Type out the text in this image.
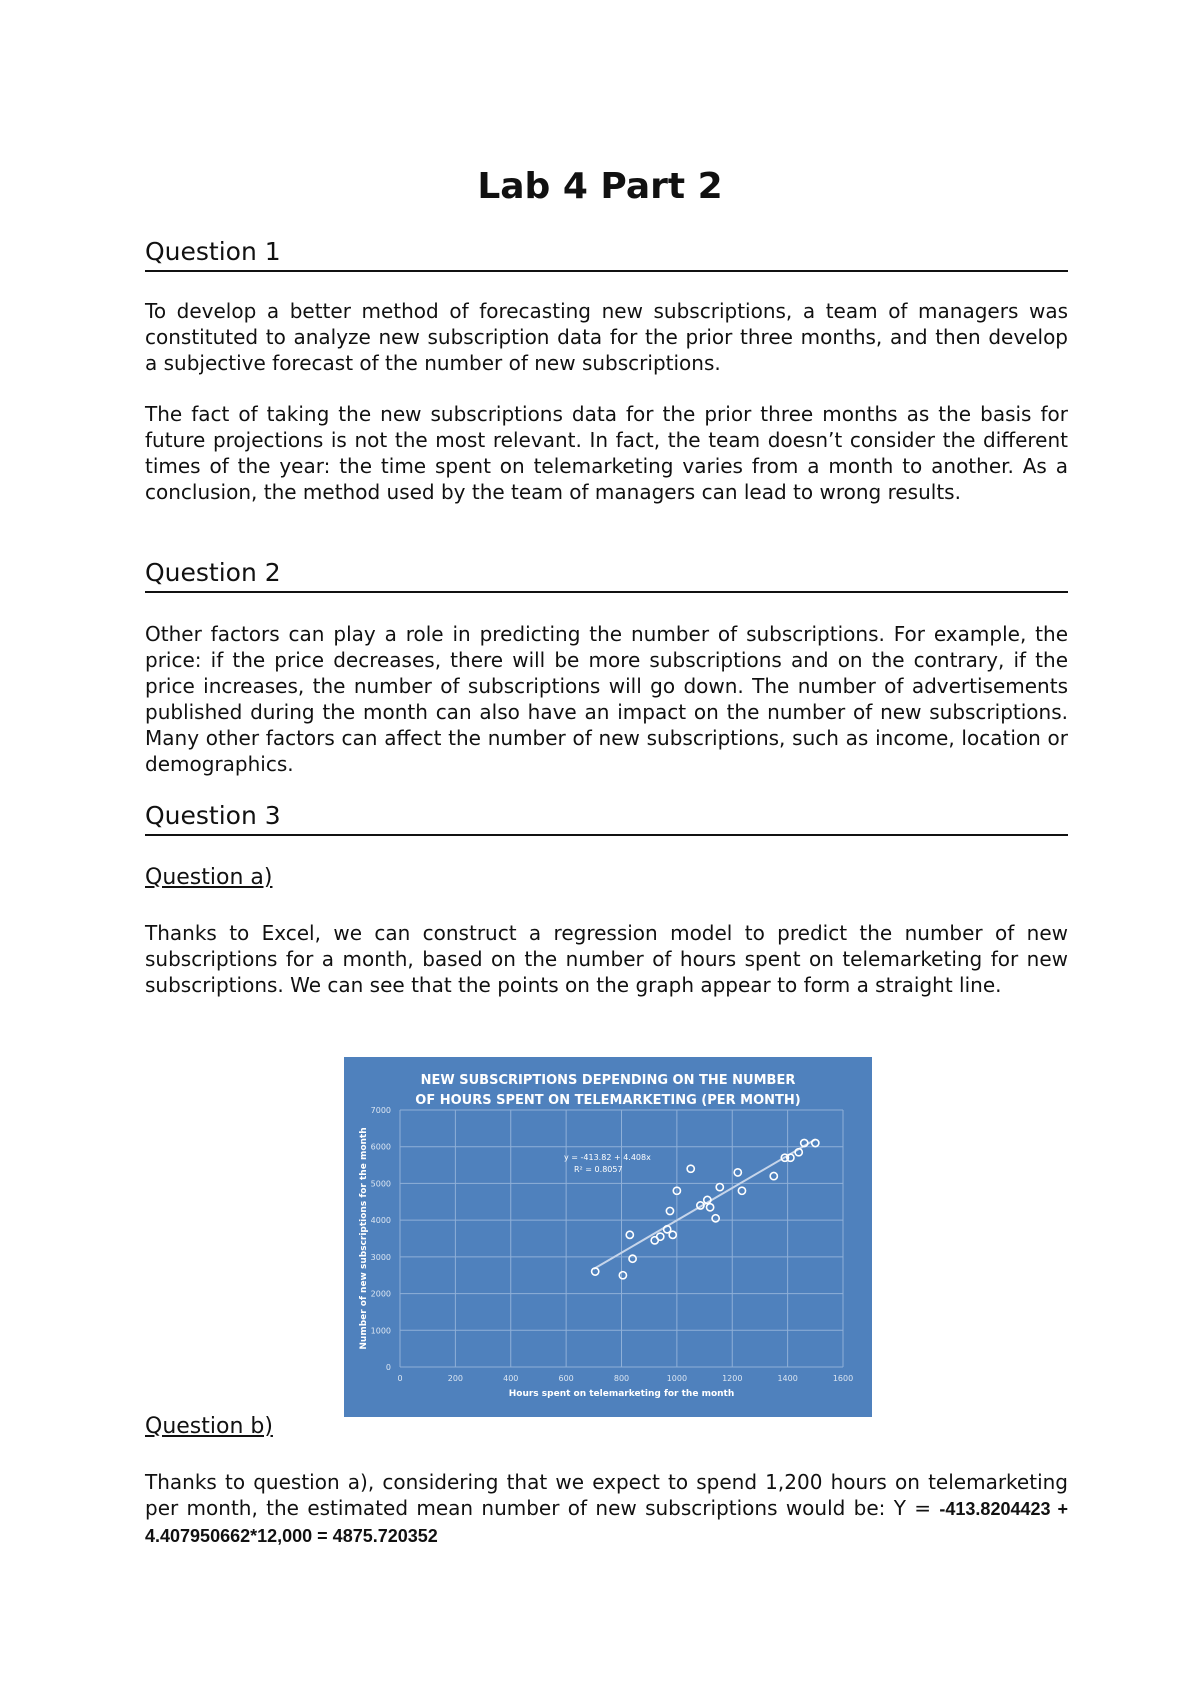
Lab 4 Part 2
Question 1

To develop a better method of forecasting new subscriptions, a team of managers was constituted to analyze new subscription data for the prior three months, and then develop a subjective forecast of the number of new subscriptions.

The fact of taking the new subscriptions data for the prior three months as the basis for future projections is not the most relevant. In fact, the team doesn’t consider the different times of the year: the time spent on telemarketing varies from a month to another. As a conclusion, the method used by the team of managers can lead to wrong results.

Question 2

Other factors can play a role in predicting the number of subscriptions. For example, the price: if the price decreases, there will be more subscriptions and on the contrary, if the price increases, the number of subscriptions will go down. The number of advertisements published during the month can also have an impact on the number of new subscriptions. Many other factors can affect the number of new subscriptions, such as income, location or demographics.

Question 3
Question a)

Thanks to Excel, we can construct a regression model to predict the number of new subscriptions for a month, based on the number of hours spent on telemarketing for new subscriptions. We can see that the points on the graph appear to form a straight line.

NEW SUBSCRIPTIONS DEPENDING ON THE NUMBER
OF HOURS SPENT ON TELEMARKETING (PER MONTH)
0
1000
2000
3000
4000
5000
6000
7000
0	200	400	600	800	1000	1200	1400	1600
Hours spent on telemarketing for the month
Number of new subscriptions for the month	y = -413.82 + 4.408x
R² = 0.8057
Question b)

Thanks to question a), considering that we expect to spend 1,200 hours on telemarketing per month, the estimated mean number of new subscriptions would be: Y = -413.8204423 + 4.407950662*12,000 = 4875.720352
